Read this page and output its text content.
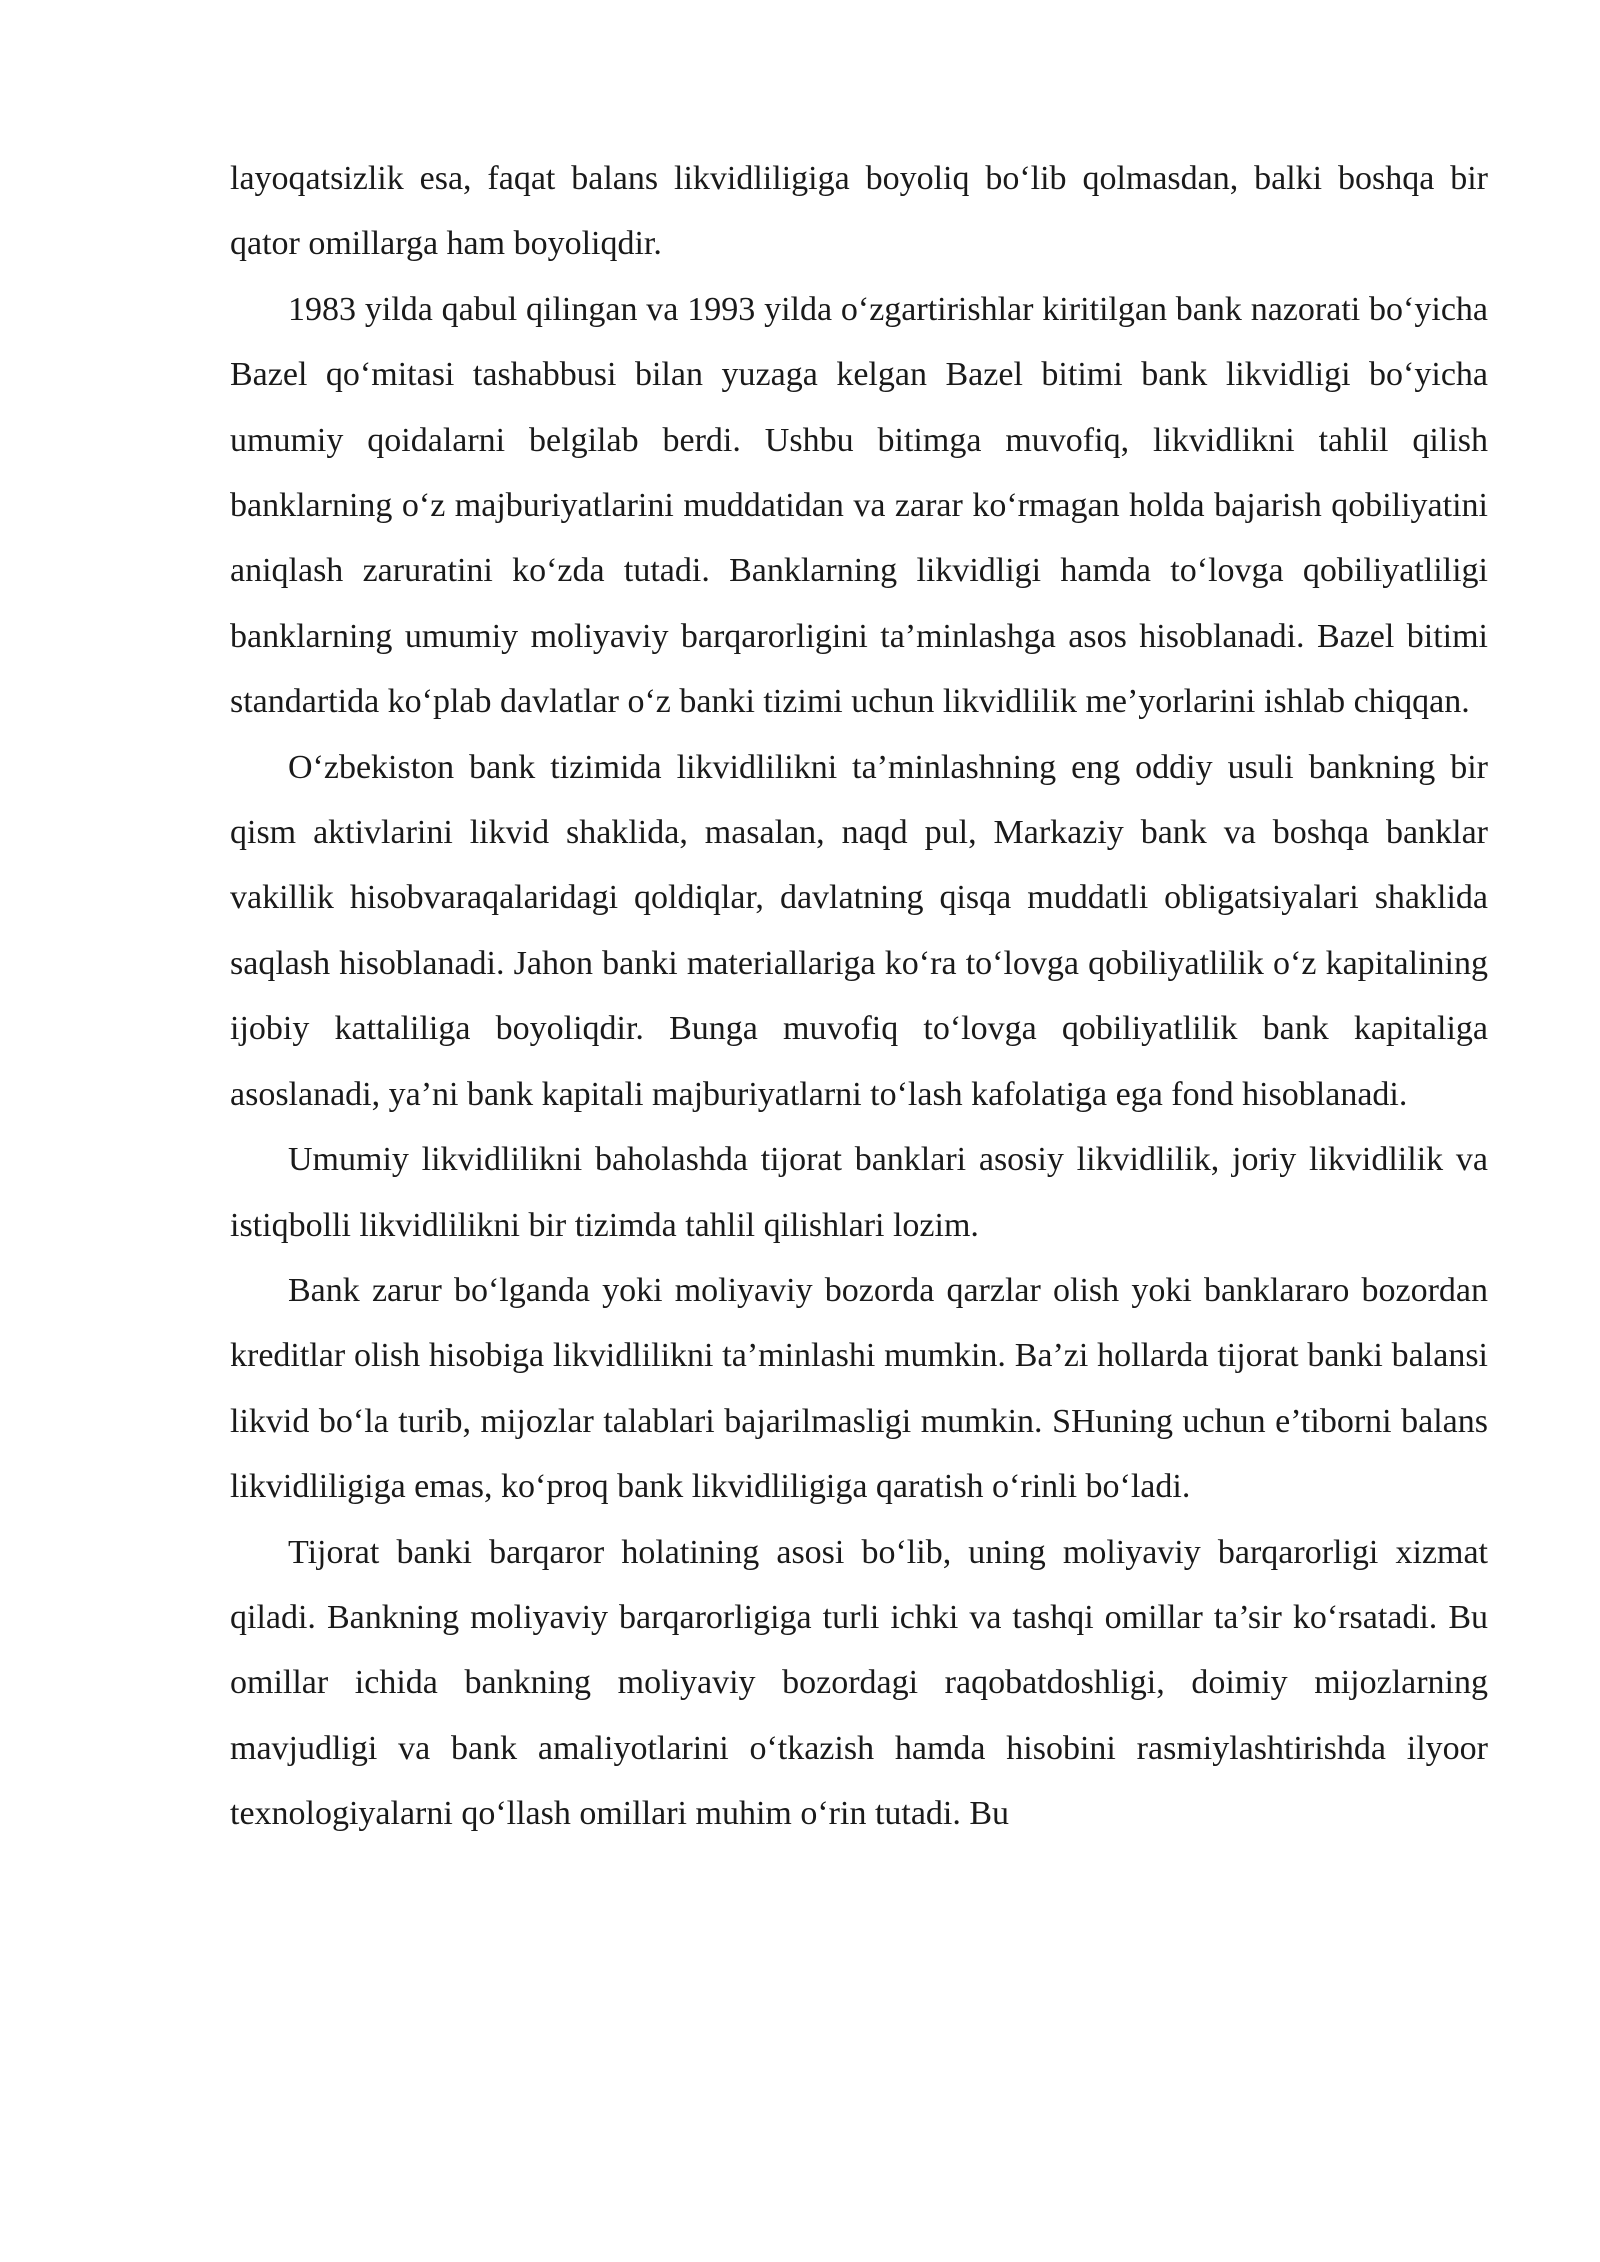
layoqatsizlik esa, faqat balans likvidliligiga boyoliq bo‘lib qolmasdan, balki boshqa bir qator omillarga ham boyoliqdir.

1983 yilda qabul qilingan va 1993 yilda o‘zgartirishlar kiritilgan bank nazorati bo‘yicha Bazel qo‘mitasi tashabbusi bilan yuzaga kelgan Bazel bitimi bank likvidligi bo‘yicha umumiy qoidalarni belgilab berdi. Ushbu bitimga muvofiq, likvidlikni tahlil qilish banklarning o‘z majburiyatlarini muddatidan va zarar ko‘rmagan holda bajarish qobiliyatini aniqlash zaruratini ko‘zda tutadi. Banklarning likvidligi hamda to‘lovga qobiliyatliligi banklarning umumiy moliyaviy barqarorligini ta’minlashga asos hisoblanadi. Bazel bitimi standartida ko‘plab davlatlar o‘z banki tizimi uchun likvidlilik me’yorlarini ishlab chiqqan.

O‘zbekiston bank tizimida likvidlilikni ta’minlashning eng oddiy usuli bankning bir qism aktivlarini likvid shaklida, masalan, naqd pul, Markaziy bank va boshqa banklar vakillik hisobvaraqalaridagi qoldiqlar, davlatning qisqa muddatli obligatsiyalari shaklida saqlash hisoblanadi. Jahon banki materiallariga ko‘ra to‘lovga qobiliyatlilik o‘z kapitalining ijobiy kattaliliga boyoliqdir. Bunga muvofiq to‘lovga qobiliyatlilik bank kapitaliga asoslanadi, ya’ni bank kapitali majburiyatlarni to‘lash kafolatiga ega fond hisoblanadi.

Umumiy likvidlilikni baholashda tijorat banklari asosiy likvidlilik, joriy likvidlilik va istiqbolli likvidlilikni bir tizimda tahlil qilishlari lozim.

Bank zarur bo‘lganda yoki moliyaviy bozorda qarzlar olish yoki banklararo bozordan kreditlar olish hisobiga likvidlilikni ta’minlashi mumkin. Ba’zi hollarda tijorat banki balansi likvid bo‘la turib, mijozlar talablari bajarilmasligi mumkin. SHuning uchun e’tiborni balans likvidliligiga emas, ko‘proq bank likvidliligiga qaratish o‘rinli bo‘ladi.

Tijorat banki barqaror holatining asosi bo‘lib, uning moliyaviy barqarorligi xizmat qiladi. Bankning moliyaviy barqarorligiga turli ichki va tashqi omillar ta’sir ko‘rsatadi. Bu omillar ichida bankning moliyaviy bozordagi raqobatdoshligi, doimiy mijozlarning mavjudligi va bank amaliyotlarini o‘tkazish hamda hisobini rasmiylashtirishda ilyoor texnologiyalarni qo‘llash omillari muhim o‘rin tutadi. Bu
